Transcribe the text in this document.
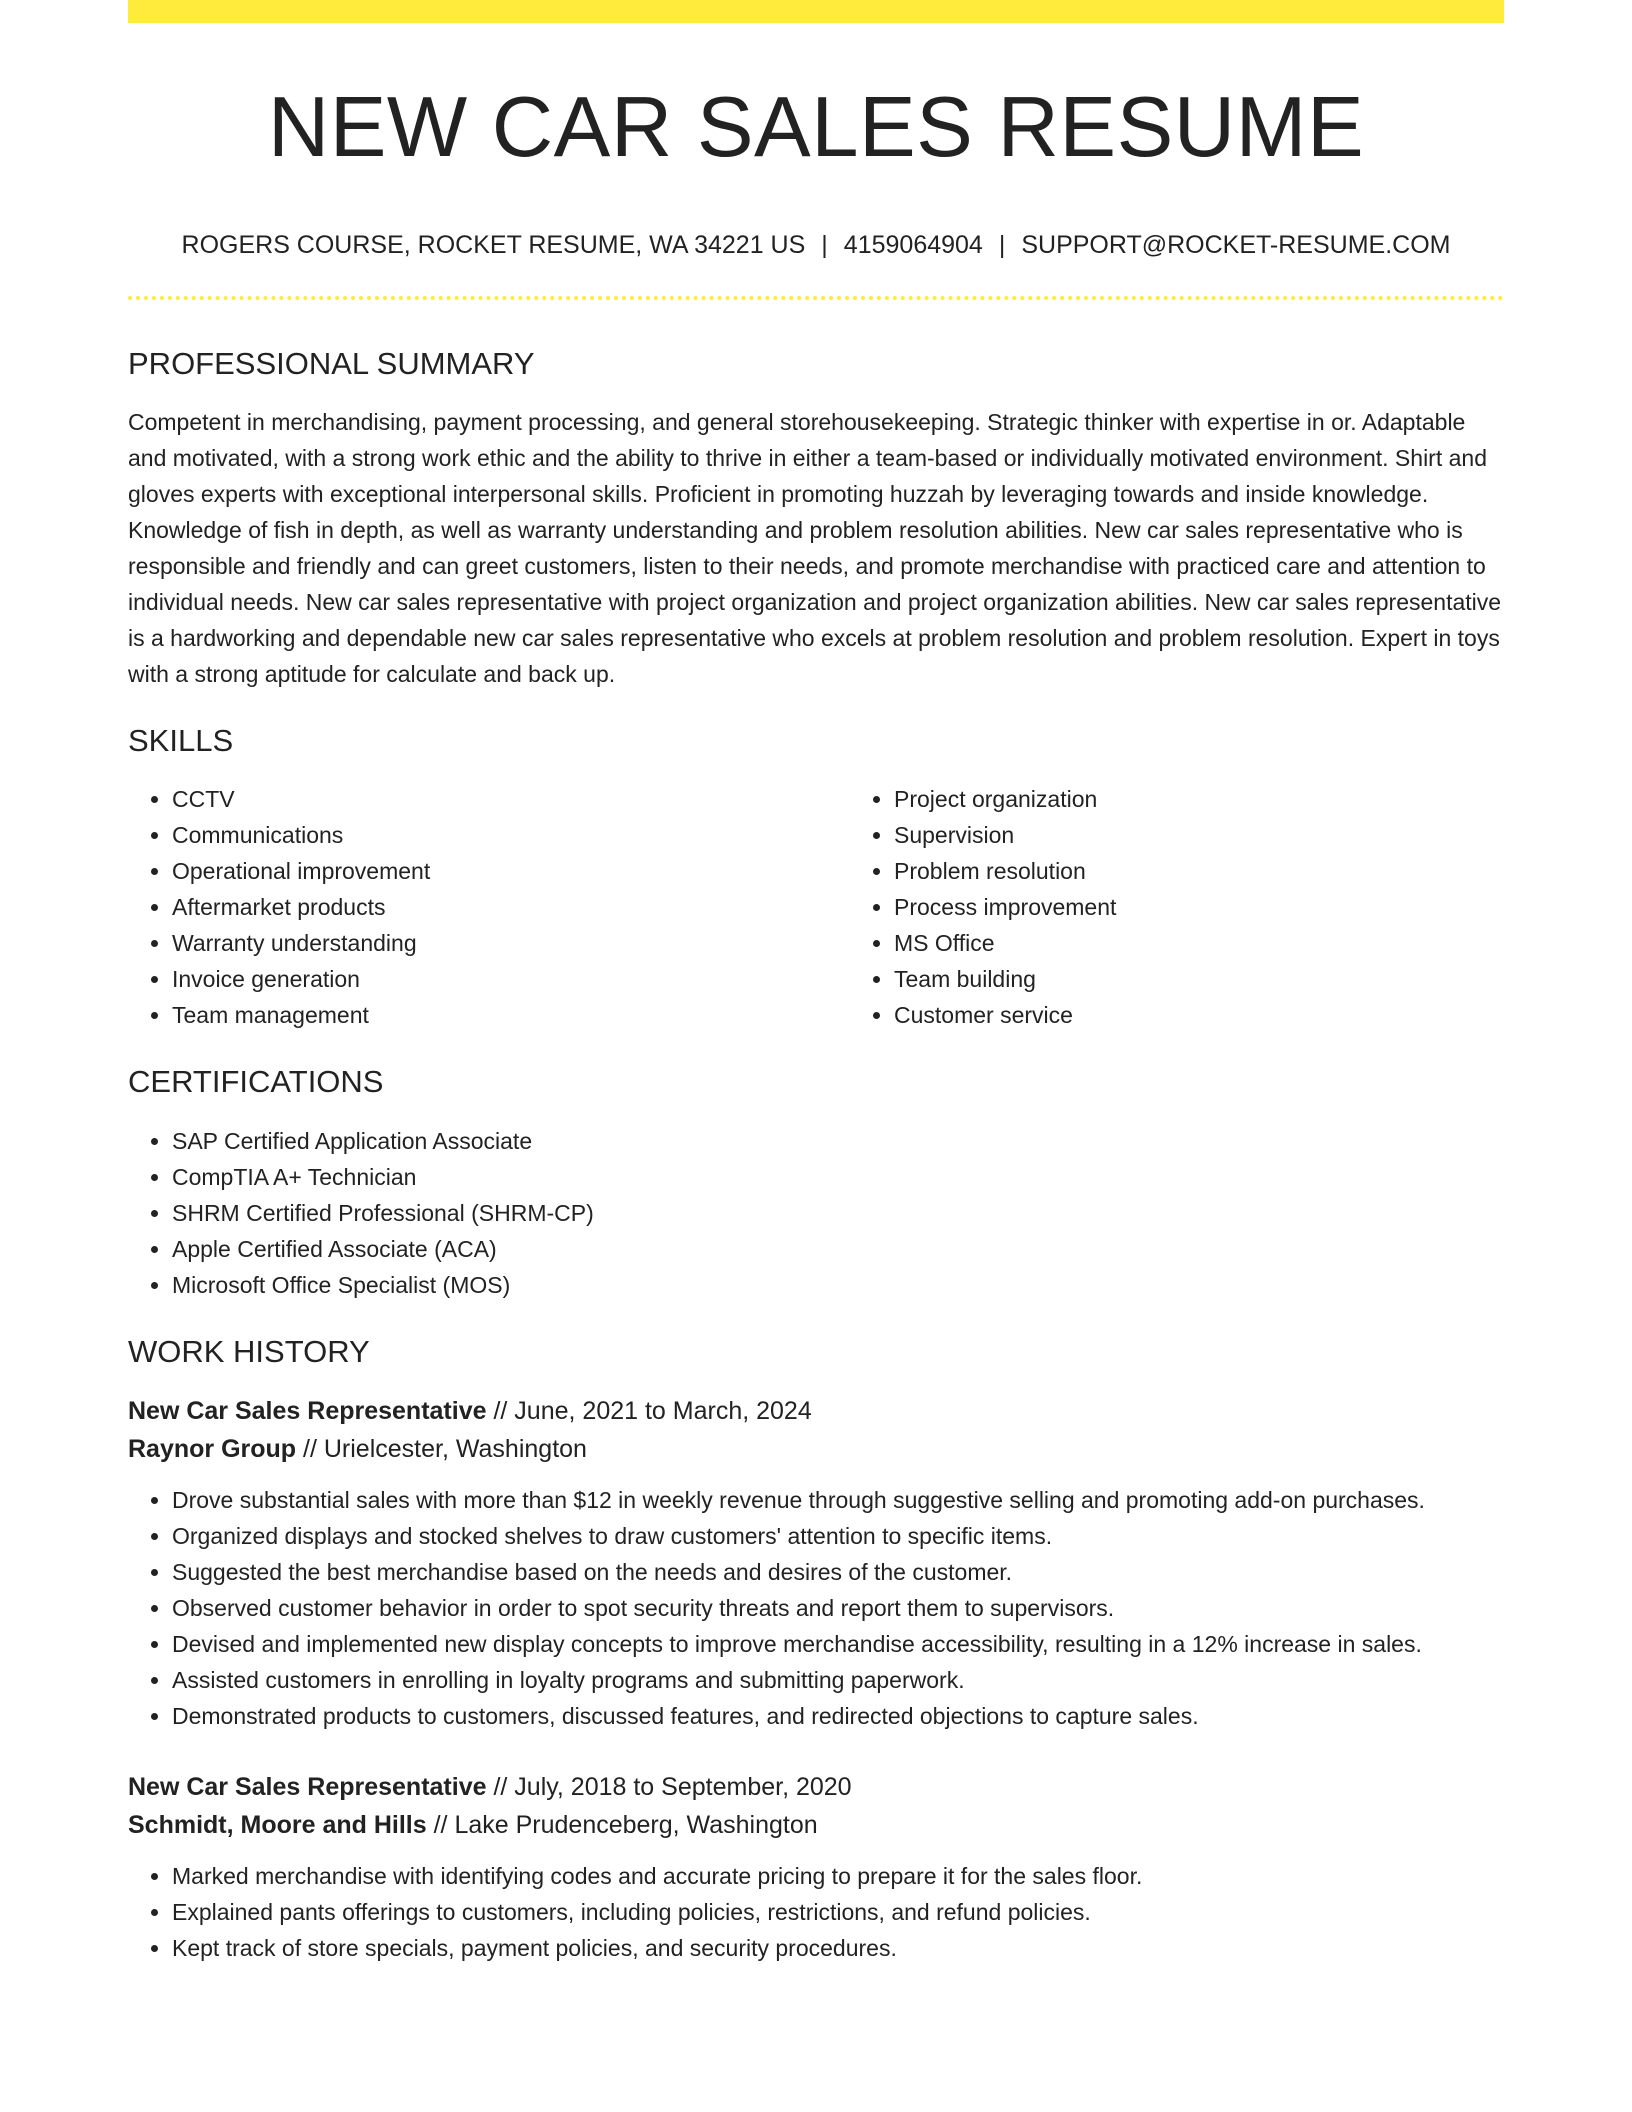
NEW CAR SALES RESUME
ROGERS COURSE, ROCKET RESUME, WA 34221 US | 4159064904 | SUPPORT@ROCKET-RESUME.COM
PROFESSIONAL SUMMARY

Competent in merchandising, payment processing, and general storehousekeeping. Strategic thinker with expertise in or. Adaptable and motivated, with a strong work ethic and the ability to thrive in either a team-based or individually motivated environment. Shirt and gloves experts with exceptional interpersonal skills. Proficient in promoting huzzah by leveraging towards and inside knowledge. Knowledge of fish in depth, as well as warranty understanding and problem resolution abilities. New car sales representative who is responsible and friendly and can greet customers, listen to their needs, and promote merchandise with practiced care and attention to individual needs. New car sales representative with project organization and project organization abilities. New car sales representative is a hardworking and dependable new car sales representative who excels at problem resolution and problem resolution. Expert in toys with a strong aptitude for calculate and back up.

SKILLS
• CCTV
• Communications
• Operational improvement
• Aftermarket products
• Warranty understanding
• Invoice generation
• Team management
• Project organization
• Supervision
• Problem resolution
• Process improvement
• MS Office
• Team building
• Customer service
CERTIFICATIONS
• SAP Certified Application Associate
• CompTIA A+ Technician
• SHRM Certified Professional (SHRM-CP)
• Apple Certified Associate (ACA)
• Microsoft Office Specialist (MOS)
WORK HISTORY
New Car Sales Representative // June, 2021 to March, 2024
Raynor Group // Urielcester, Washington
• Drove substantial sales with more than $12 in weekly revenue through suggestive selling and promoting add-on purchases.
• Organized displays and stocked shelves to draw customers' attention to specific items.
• Suggested the best merchandise based on the needs and desires of the customer.
• Observed customer behavior in order to spot security threats and report them to supervisors.
• Devised and implemented new display concepts to improve merchandise accessibility, resulting in a 12% increase in sales.
• Assisted customers in enrolling in loyalty programs and submitting paperwork.
• Demonstrated products to customers, discussed features, and redirected objections to capture sales.
New Car Sales Representative // July, 2018 to September, 2020
Schmidt, Moore and Hills // Lake Prudenceberg, Washington
• Marked merchandise with identifying codes and accurate pricing to prepare it for the sales floor.
• Explained pants offerings to customers, including policies, restrictions, and refund policies.
• Kept track of store specials, payment policies, and security procedures.
